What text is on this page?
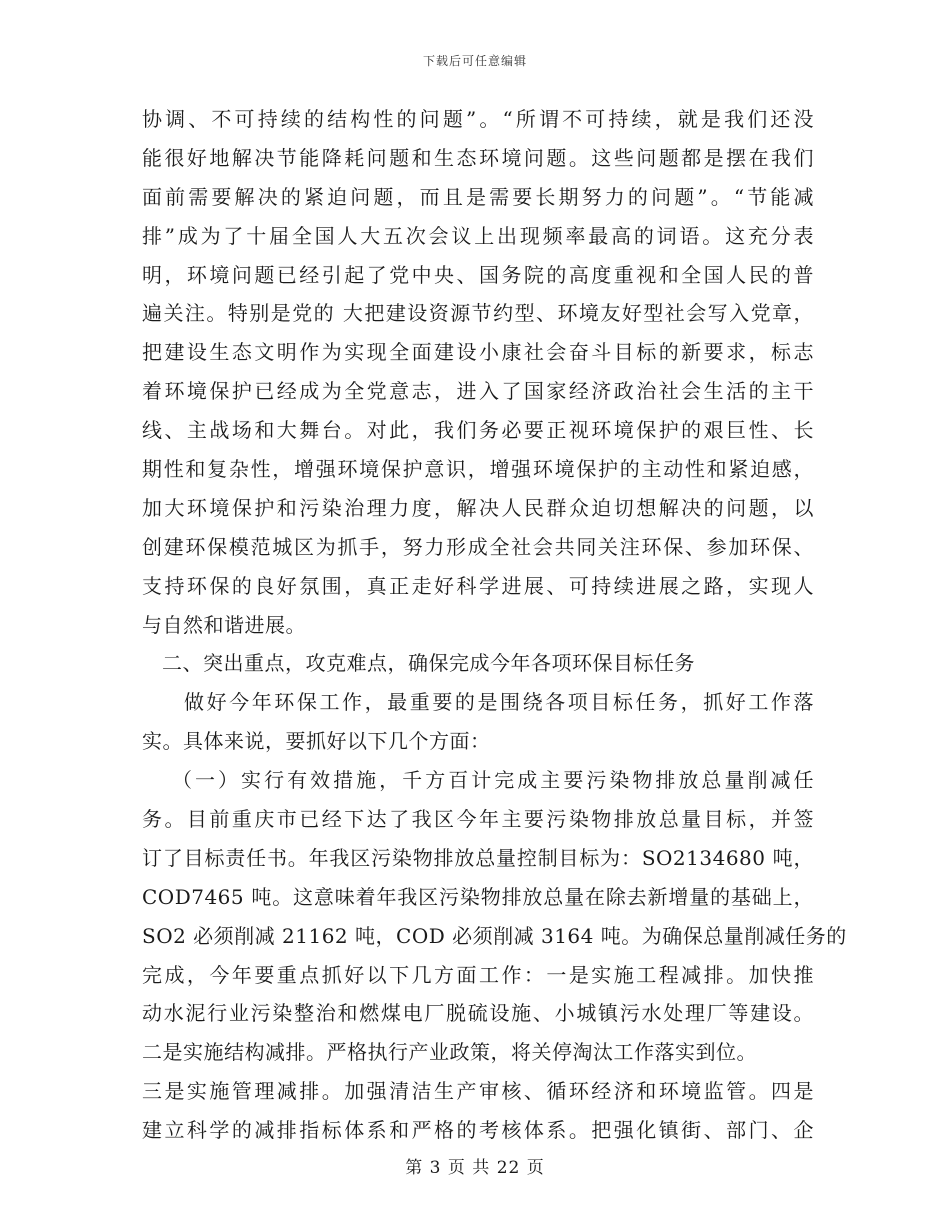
下载后可任意编辑
协调、不可持续的结构性的问题”。“所谓不可持续，就是我们还没
能很好地解决节能降耗问题和生态环境问题。这些问题都是摆在我们
面前需要解决的紧迫问题，而且是需要长期努力的问题”。“节能减
排”成为了十届全国人大五次会议上出现频率最高的词语。这充分表
明，环境问题已经引起了党中央、国务院的高度重视和全国人民的普
遍关注。特别是党的 大把建设资源节约型、环境友好型社会写入党章，
把建设生态文明作为实现全面建设小康社会奋斗目标的新要求，标志
着环境保护已经成为全党意志，进入了国家经济政治社会生活的主干
线、主战场和大舞台。对此，我们务必要正视环境保护的艰巨性、长
期性和复杂性，增强环境保护意识，增强环境保护的主动性和紧迫感，
加大环境保护和污染治理力度，解决人民群众迫切想解决的问题，以
创建环保模范城区为抓手，努力形成全社会共同关注环保、参加环保、
支持环保的良好氛围，真正走好科学进展、可持续进展之路，实现人
与自然和谐进展。
二、突出重点，攻克难点，确保完成今年各项环保目标任务
做好今年环保工作，最重要的是围绕各项目标任务，抓好工作落
实。具体来说，要抓好以下几个方面：
（一）实行有效措施，千方百计完成主要污染物排放总量削减任
务。目前重庆市已经下达了我区今年主要污染物排放总量目标，并签
订了目标责任书。年我区污染物排放总量控制目标为：SO2134680 吨，
COD7465 吨。这意味着年我区污染物排放总量在除去新增量的基础上，
SO2 必须削减 21162 吨，COD 必须削减 3164 吨。为确保总量削减任务的
完成，今年要重点抓好以下几方面工作：一是实施工程减排。加快推
动水泥行业污染整治和燃煤电厂脱硫设施、小城镇污水处理厂等建设。
二是实施结构减排。严格执行产业政策，将关停淘汰工作落实到位。
三是实施管理减排。加强清洁生产审核、循环经济和环境监管。四是
建立科学的减排指标体系和严格的考核体系。把强化镇街、部门、企
第 3 页 共 22 页
